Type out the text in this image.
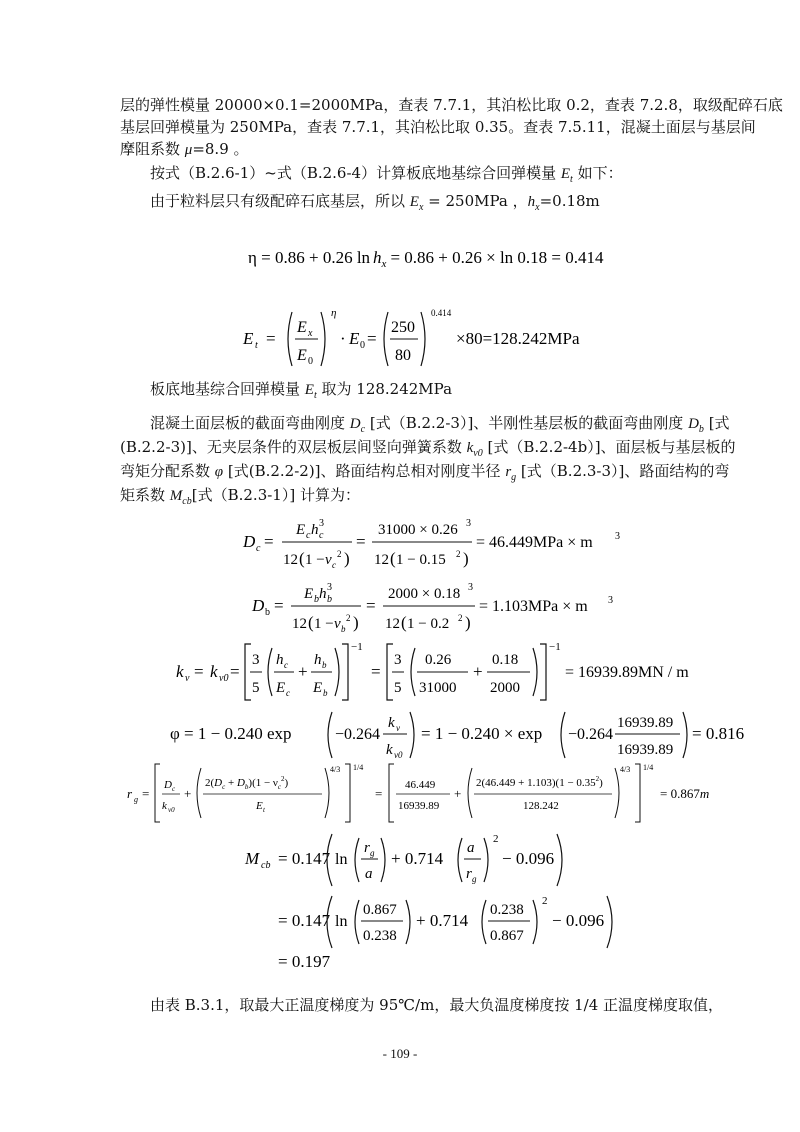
层的弹性模量 20000×0.1=2000MPa，查表 7.7.1，其泊松比取 0.2，查表 7.2.8，取级配碎石底
基层回弹模量为 250MPa，查表 7.7.1，其泊松比取 0.35。查表 7.5.11，混凝土面层与基层间
摩阻系数 μ=8.9 。
按式（B.2.6-1）~式（B.2.6-4）计算板底地基综合回弹模量 $E_t$ 如下：
由于粒料层只有级配碎石底基层，所以 $E_x = 250MPa$ ，$h_x=0.18m$
η = 0.86 + 0.26 $\ln h_x = 0.86 + 0.26 \times \ln 0.18 = 0.414$
E t =
E x
E 0
η
· E 0 =
250
80
0.414
×80=128.242MPa
板底地基综合回弹模量 $E_t$ 取为 128.242MPa
混凝土面层板的截面弯曲刚度 $D_c$ [式（B.2.2-3）]、半刚性基层板的截面弯曲刚度 $D_b$ [式
(B.2.2-3)]、无夹层条件的双层板层间竖向弹簧系数 $k_{v0}$ [式（B.2.2-4b）]、面层板与基层板的
弯矩分配系数 φ [式(B.2.2-2)]、路面结构总相对刚度半径 $r_g$ [式（B.2.3-3）]、路面结构的弯
矩系数 $M_{cb}$[式（B.2.3-1）] 计算为：
D c =
E c h c
3
12 ( 1 − ν c
2 )
=
31000 × 0.26 3
12 ( 1 − 0.15 2 )
= 46.449MPa × m 3
D b =
E b h b
3
12 ( 1 − ν b
2 )
=
2000 × 0.18 3
12 ( 1 − 0.2 2 )
= 1.103MPa × m 3
k v = k v0 =
3
5
h c
E c
+
h b
E b
−1
=
3
5
0.26
31000
+
0.18
2000
−1
= 16939.89MN / m
φ = 1 − 0.240 exp	−0.264
k v
k v0
= 1 − 0.240 × exp −0.264
16939.89
16939.89
= 0.816
r g =
D c
k v0
+
$2(D_c + D_b)(1 - \nu_c^2)$
E t
4/3 1/4
=
46.449
16939.89
+
$2(46.449 + 1.103)(1 - 0.35^2)$
128.242
4/3 1/4
= 0.867m
M cb = 0.147 ln
r g
a
+ 0.714
a
r g
2
− 0.096
= 0.147 ln
0.867
0.238
+ 0.714
0.238
0.867
2
− 0.096
= 0.197
由表 B.3.1，取最大正温度梯度为 95℃/m，最大负温度梯度按 1/4 正温度梯度取值，
- 109 -
